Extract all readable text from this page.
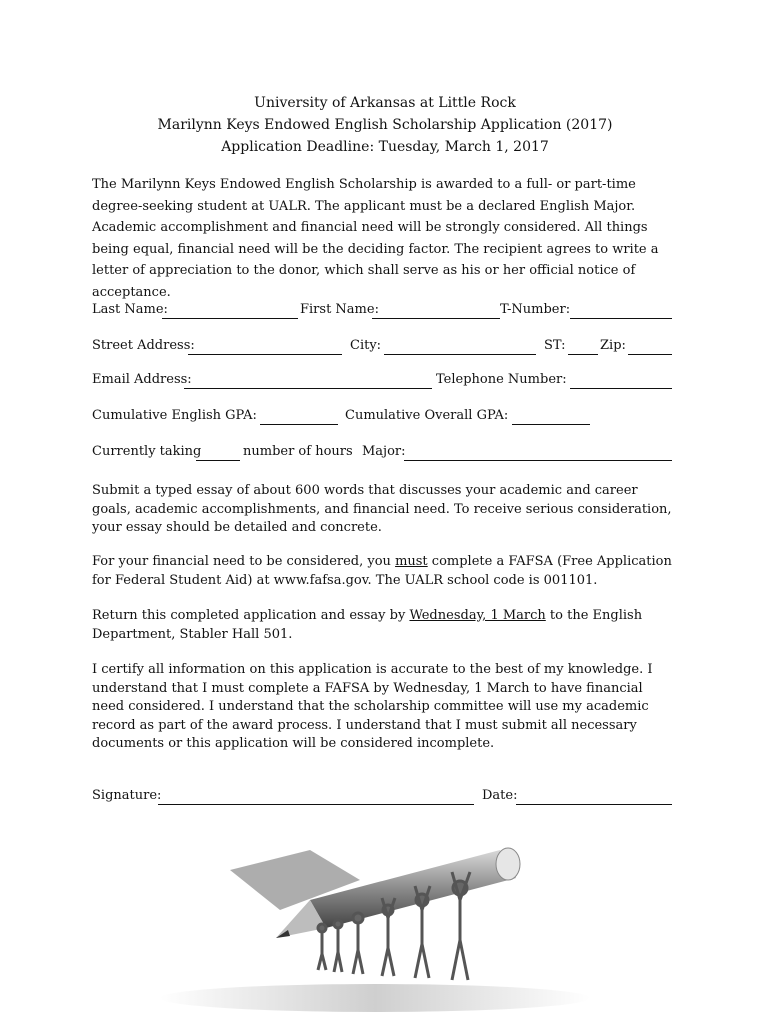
University of Arkansas at Little Rock
Marilynn Keys Endowed English Scholarship Application (2017)
Application Deadline: Tuesday, March 1, 2017
The Marilynn Keys Endowed English Scholarship is awarded to a full- or part-time degree-seeking student at UALR. The applicant must be a declared English Major. Academic accomplishment and financial need will be strongly considered. All things being equal, financial need will be the deciding factor. The recipient agrees to write a letter of appreciation to the donor, which shall serve as his or her official notice of acceptance.
Last Name:	First Name:	T-Number:
Street Address:	City:	ST:	Zip:
Email Address:	Telephone Number:
Cumulative English GPA:	Cumulative Overall GPA:
Currently taking	number of hours Major:
Submit a typed essay of about 600 words that discusses your academic and career goals, academic accomplishments, and financial need. To receive serious consideration, your essay should be detailed and concrete.
For your financial need to be considered, you must complete a FAFSA (Free Application for Federal Student Aid) at www.fafsa.gov. The UALR school code is 001101.
Return this completed application and essay by Wednesday, 1 March to the English Department, Stabler Hall 501.
I certify all information on this application is accurate to the best of my knowledge. I understand that I must complete a FAFSA by Wednesday, 1 March to have financial need considered. I understand that the scholarship committee will use my academic record as part of the award process. I understand that I must submit all necessary documents or this application will be considered incomplete.
Signature:	Date:
